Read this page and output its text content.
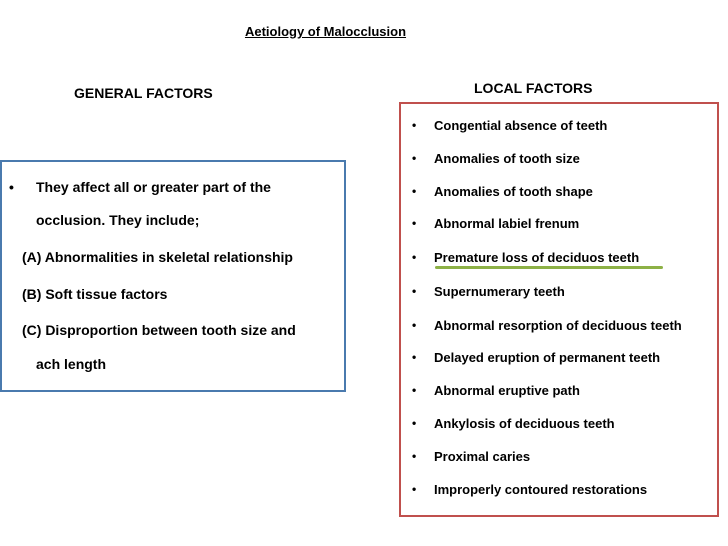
Aetiology of Malocclusion
GENERAL FACTORS	LOCAL FACTORS
• They affect all or greater part of the
occlusion. They include;
(A) Abnormalities in skeletal relationship
(B) Soft tissue factors
(C) Disproportion between tooth size and
ach length
• Congential absence of teeth
• Anomalies of tooth size
• Anomalies of tooth shape
• Abnormal labiel frenum
• Premature loss of deciduos teeth
• Supernumerary teeth
• Abnormal resorption of deciduous teeth
• Delayed eruption of permanent teeth
• Abnormal eruptive path
• Ankylosis of deciduous teeth
• Proximal caries
• Improperly contoured restorations
